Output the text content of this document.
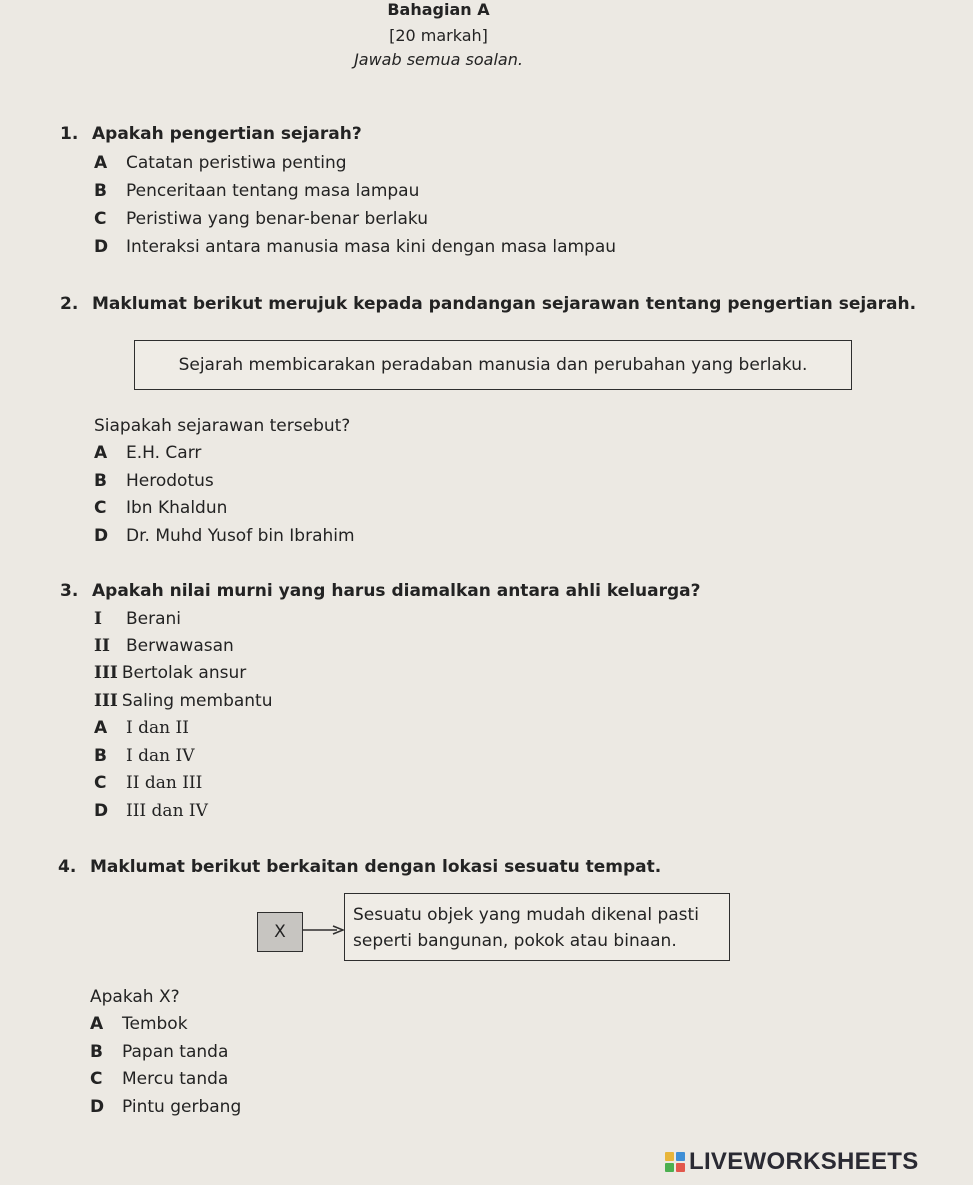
Bahagian A
[20 markah]
Jawab semua soalan.
1. Apakah pengertian sejarah?
A Catatan peristiwa penting
B Penceritaan tentang masa lampau
C Peristiwa yang benar-benar berlaku
D Interaksi antara manusia masa kini dengan masa lampau
2. Maklumat berikut merujuk kepada pandangan sejarawan tentang pengertian sejarah.
Sejarah membicarakan peradaban manusia dan perubahan yang berlaku.
Siapakah sejarawan tersebut?
A E.H. Carr
B Herodotus
C Ibn Khaldun
D Dr. Muhd Yusof bin Ibrahim
3. Apakah nilai murni yang harus diamalkan antara ahli keluarga?
I Berani
II Berwawasan
III Bertolak ansur
III Saling membantu
A I dan II
B I dan IV
C II dan III
D III dan IV
4. Maklumat berikut berkaitan dengan lokasi sesuatu tempat.
X
Sesuatu objek yang mudah dikenal pasti
seperti bangunan, pokok atau binaan.
Apakah X?
A Tembok
B Papan tanda
C Mercu tanda
D Pintu gerbang
LIVEWORKSHEETS
